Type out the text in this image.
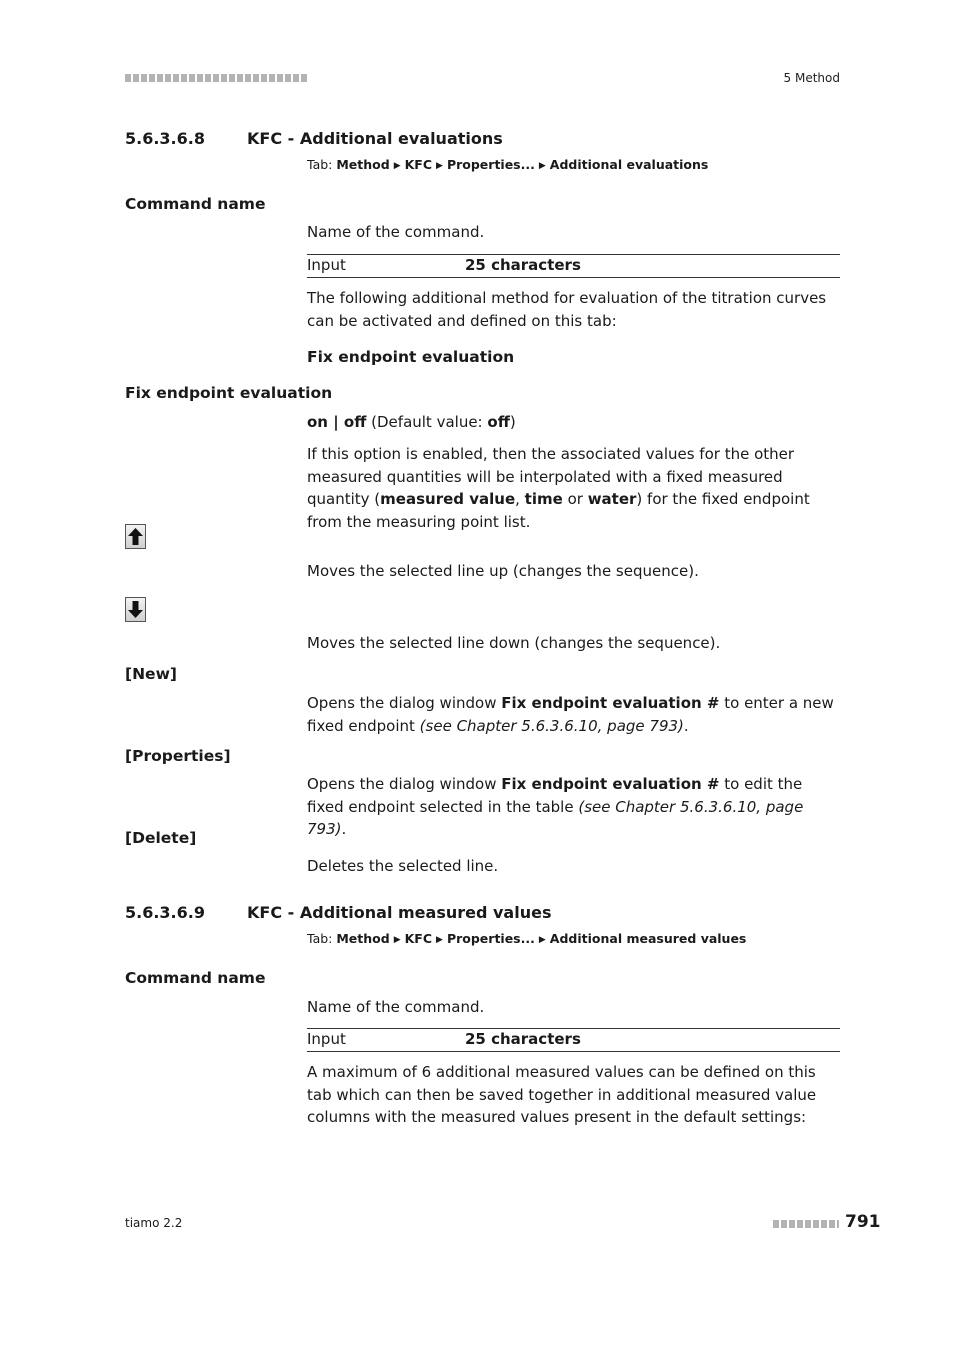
5 Method
5.6.3.6.8	KFC - Additional evaluations
Tab: Method ▶ KFC ▶ Properties... ▶ Additional evaluations
Command name
Name of the command.
Input	25 characters
The following additional method for evaluation of the titration curves can be activated and defined on this tab:
Fix endpoint evaluation
Fix endpoint evaluation
on | off (Default value: off)
If this option is enabled, then the associated values for the other measured quantities will be interpolated with a fixed measured quantity (measured value, time or water) for the fixed endpoint from the measuring point list.
Moves the selected line up (changes the sequence).
Moves the selected line down (changes the sequence).
[New]
Opens the dialog window Fix endpoint evaluation # to enter a new fixed endpoint (see Chapter 5.6.3.6.10, page 793).
[Properties]
Opens the dialog window Fix endpoint evaluation # to edit the fixed endpoint selected in the table (see Chapter 5.6.3.6.10, page 793).
[Delete]
Deletes the selected line.
5.6.3.6.9	KFC - Additional measured values
Tab: Method ▶ KFC ▶ Properties... ▶ Additional measured values
Command name
Name of the command.
Input	25 characters
A maximum of 6 additional measured values can be defined on this tab which can then be saved together in additional measured value columns with the measured values present in the default settings:
tiamo 2.2	791
